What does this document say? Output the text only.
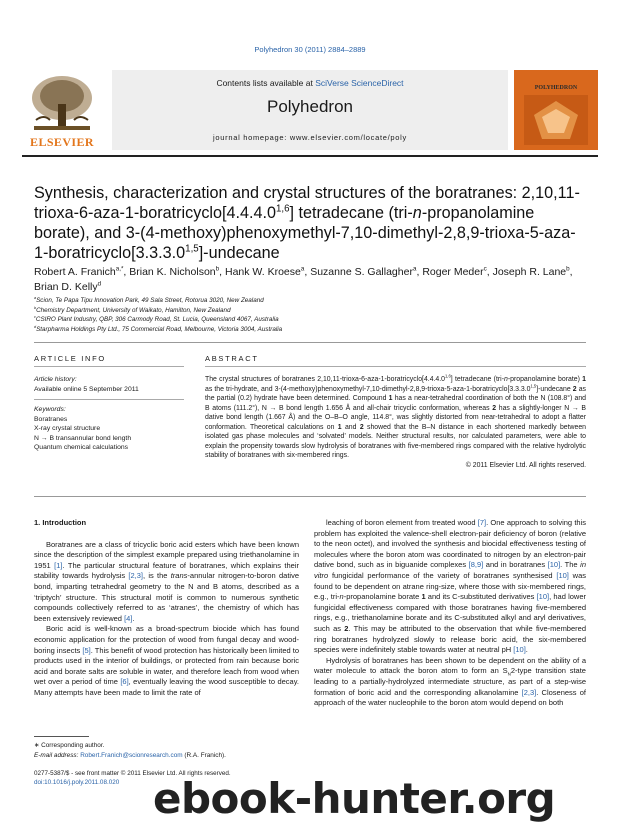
Polyhedron 30 (2011) 2884–2889
Contents lists available at SciVerse ScienceDirect
Polyhedron
journal homepage: www.elsevier.com/locate/poly
ELSEVIER
POLYHEDRON
Synthesis, characterization and crystal structures of the boratranes: 2,10,11-trioxa-6-aza-1-boratricyclo[4.4.4.0$^{1,6}$] tetradecane (tri-n-propanolamine borate), and 3-(4-methoxy)phenoxymethyl-7,10-dimethyl-2,8,9-trioxa-5-aza-1-boratricyclo[3.3.3.0$^{1,5}$]-undecane
Robert A. Franich$^{a,*}$, Brian K. Nicholson$^b$, Hank W. Kroese$^a$, Suzanne S. Gallagher$^a$, Roger Meder$^c$, Joseph R. Lane$^b$, Brian D. Kelly$^d$
$^a$Scion, Te Papa Tipu Innovation Park, 49 Sala Street, Rotorua 3020, New Zealand
$^b$Chemistry Department, University of Waikato, Hamilton, New Zealand
$^c$CSIRO Plant Industry, QBP, 306 Carmody Road, St. Lucia, Queensland 4067, Australia
$^d$Starpharma Holdings Pty Ltd., 75 Commercial Road, Melbourne, Victoria 3004, Australia
ARTICLE INFO	ABSTRACT
Article history:
Available online 5 September 2011
Keywords:
Boratranes
X-ray crystal structure
N → B transannular bond length
Quantum chemical calculations
The crystal structures of boratranes 2,10,11-trioxa-6-aza-1-boratricyclo[4.4.4.0$^{1,6}$] tetradecane (tri-n-propanolamine borate) 1 as the tri-hydrate, and 3-(4-methoxy)phenoxymethyl-7,10-dimethyl-2,8,9-trioxa-5-aza-1-boratricyclo[3.3.3.0$^{1,5}$]-undecane 2 as the partial (0.2) hydrate have been determined. Compound 1 has a near-tetrahedral coordination of both the N (108.8°) and B atoms (111.2°), N → B bond length 1.656 Å and all-chair tricyclic conformation, whereas 2 has a slightly-longer N → B dative bond length (1.667 Å) and the O–B–O angle, 114.8°, was slightly distorted from near-tetrahedral to adopt a flatter conformation. Theoretical calculations on 1 and 2 showed that the B–N distance in each shortened markedly between isolated gas phase molecules and ‘solvated’ models. Neither structural results, nor calculated parameters, were able to explain the propensity towards slow hydrolysis of boratranes with five-membered rings compared with the relative hydrolytic stability of boratranes with six-membered rings.
© 2011 Elsevier Ltd. All rights reserved.
1. Introduction

Boratranes are a class of tricyclic boric acid esters which have been known since the description of the simplest example prepared using triethanolamine in 1951 [1]. The particular structural feature of boratranes, which explains their stability towards hydrolysis [2,3], is the trans-annular nitrogen-to-boron dative bond, imparting tetrahedral geometry to the N and B atoms, described as a ‘triptych’ structure. This structural motif is common to numerous synthetic compounds collectively referred to as ‘atranes’, the chemistry of which has been extensively reviewed [4].

Boric acid is well-known as a broad-spectrum biocide which has found economic application for the protection of wood from fungal decay and wood-boring insects [5]. This benefit of wood protection has historically been limited to products used in the interior of buildings, or protected from rain because boric acid and borate salts are soluble in water, and therefore leach from wood when wet over a period of time [6], eventually leaving the wood susceptible to decay. Many attempts have been made to limit the rate of

leaching of boron element from treated wood [7]. One approach to solving this problem has exploited the valence-shell electron-pair deficiency of boron (relative to the neon octet), and involved the synthesis and biocidal effectiveness testing of molecules where the boron atom was coordinated to nitrogen by an electron-pair dative bond, such as in biguanide complexes [8,9] and in boratranes [10]. The in vitro fungicidal performance of the variety of boratranes synthesised [10] was found to be dependent on atrane ring-size, where those with six-membered rings, e.g., tri-n-propanolamine borate 1 and its C-substituted derivatives [10], had lower fungicidal effectiveness compared with those boratranes having five-membered rings, e.g., triethanolamine borate and its C-substituted alkyl and aryl derivatives, such as 2. This may be attributed to the observation that while five-membered ring boratranes hydrolyzed slowly to release boric acid, the six-membered species were indefinitely stable towards water at neutral pH [10].

Hydrolysis of boratranes has been shown to be dependent on the ability of a water molecule to attack the boron atom to form an $S_N2$-type transition state leading to a partially-hydrolyzed intermediate structure, as part of a step-wise formation of boric acid and the corresponding alkanolamine [2,3]. Closeness of approach of the water nucleophile to the boron atom would depend on both

∗ Corresponding author.
E-mail address: Robert.Franich@scionresearch.com (R.A. Franich).
0277-5387/$ - see front matter © 2011 Elsevier Ltd. All rights reserved.
doi:10.1016/j.poly.2011.08.020 ebook-hunter.org
